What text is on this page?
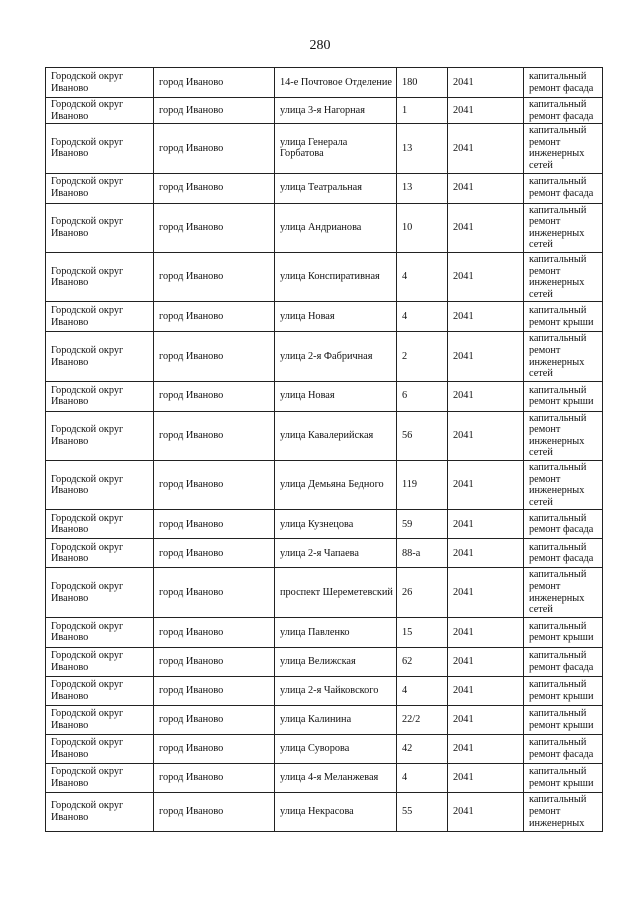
280
Городской округ Иваново	город Иваново	14-е Почтовое Отделение	180	2041	капитальный ремонт фасада
Городской округ Иваново	город Иваново	улица 3-я Нагорная	1	2041	капитальный ремонт фасада
Городской округ Иваново	город Иваново	улица Генерала Горбатова	13	2041	капитальный ремонт инженерных сетей
Городской округ Иваново	город Иваново	улица Театральная	13	2041	капитальный ремонт фасада
Городской округ Иваново	город Иваново	улица Андрианова	10	2041	капитальный ремонт инженерных сетей
Городской округ Иваново	город Иваново	улица Конспиративная	4	2041	капитальный ремонт инженерных сетей
Городской округ Иваново	город Иваново	улица Новая	4	2041	капитальный ремонт крыши
Городской округ Иваново	город Иваново	улица 2-я Фабричная	2	2041	капитальный ремонт инженерных сетей
Городской округ Иваново	город Иваново	улица Новая	6	2041	капитальный ремонт крыши
Городской округ Иваново	город Иваново	улица Кавалерийская	56	2041	капитальный ремонт инженерных сетей
Городской округ Иваново	город Иваново	улица Демьяна Бедного	119	2041	капитальный ремонт инженерных сетей
Городской округ Иваново	город Иваново	улица Кузнецова	59	2041	капитальный ремонт фасада
Городской округ Иваново	город Иваново	улица 2-я Чапаева	88-а	2041	капитальный ремонт фасада
Городской округ Иваново	город Иваново	проспект Шереметевский	26	2041	капитальный ремонт инженерных сетей
Городской округ Иваново	город Иваново	улица Павленко	15	2041	капитальный ремонт крыши
Городской округ Иваново	город Иваново	улица Велижская	62	2041	капитальный ремонт фасада
Городской округ Иваново	город Иваново	улица 2-я Чайковского	4	2041	капитальный ремонт крыши
Городской округ Иваново	город Иваново	улица Калинина	22/2	2041	капитальный ремонт крыши
Городской округ Иваново	город Иваново	улица Суворова	42	2041	капитальный ремонт фасада
Городской округ Иваново	город Иваново	улица 4-я Меланжевая	4	2041	капитальный ремонт крыши
Городской округ Иваново	город Иваново	улица Некрасова	55	2041	капитальный ремонт инженерных
